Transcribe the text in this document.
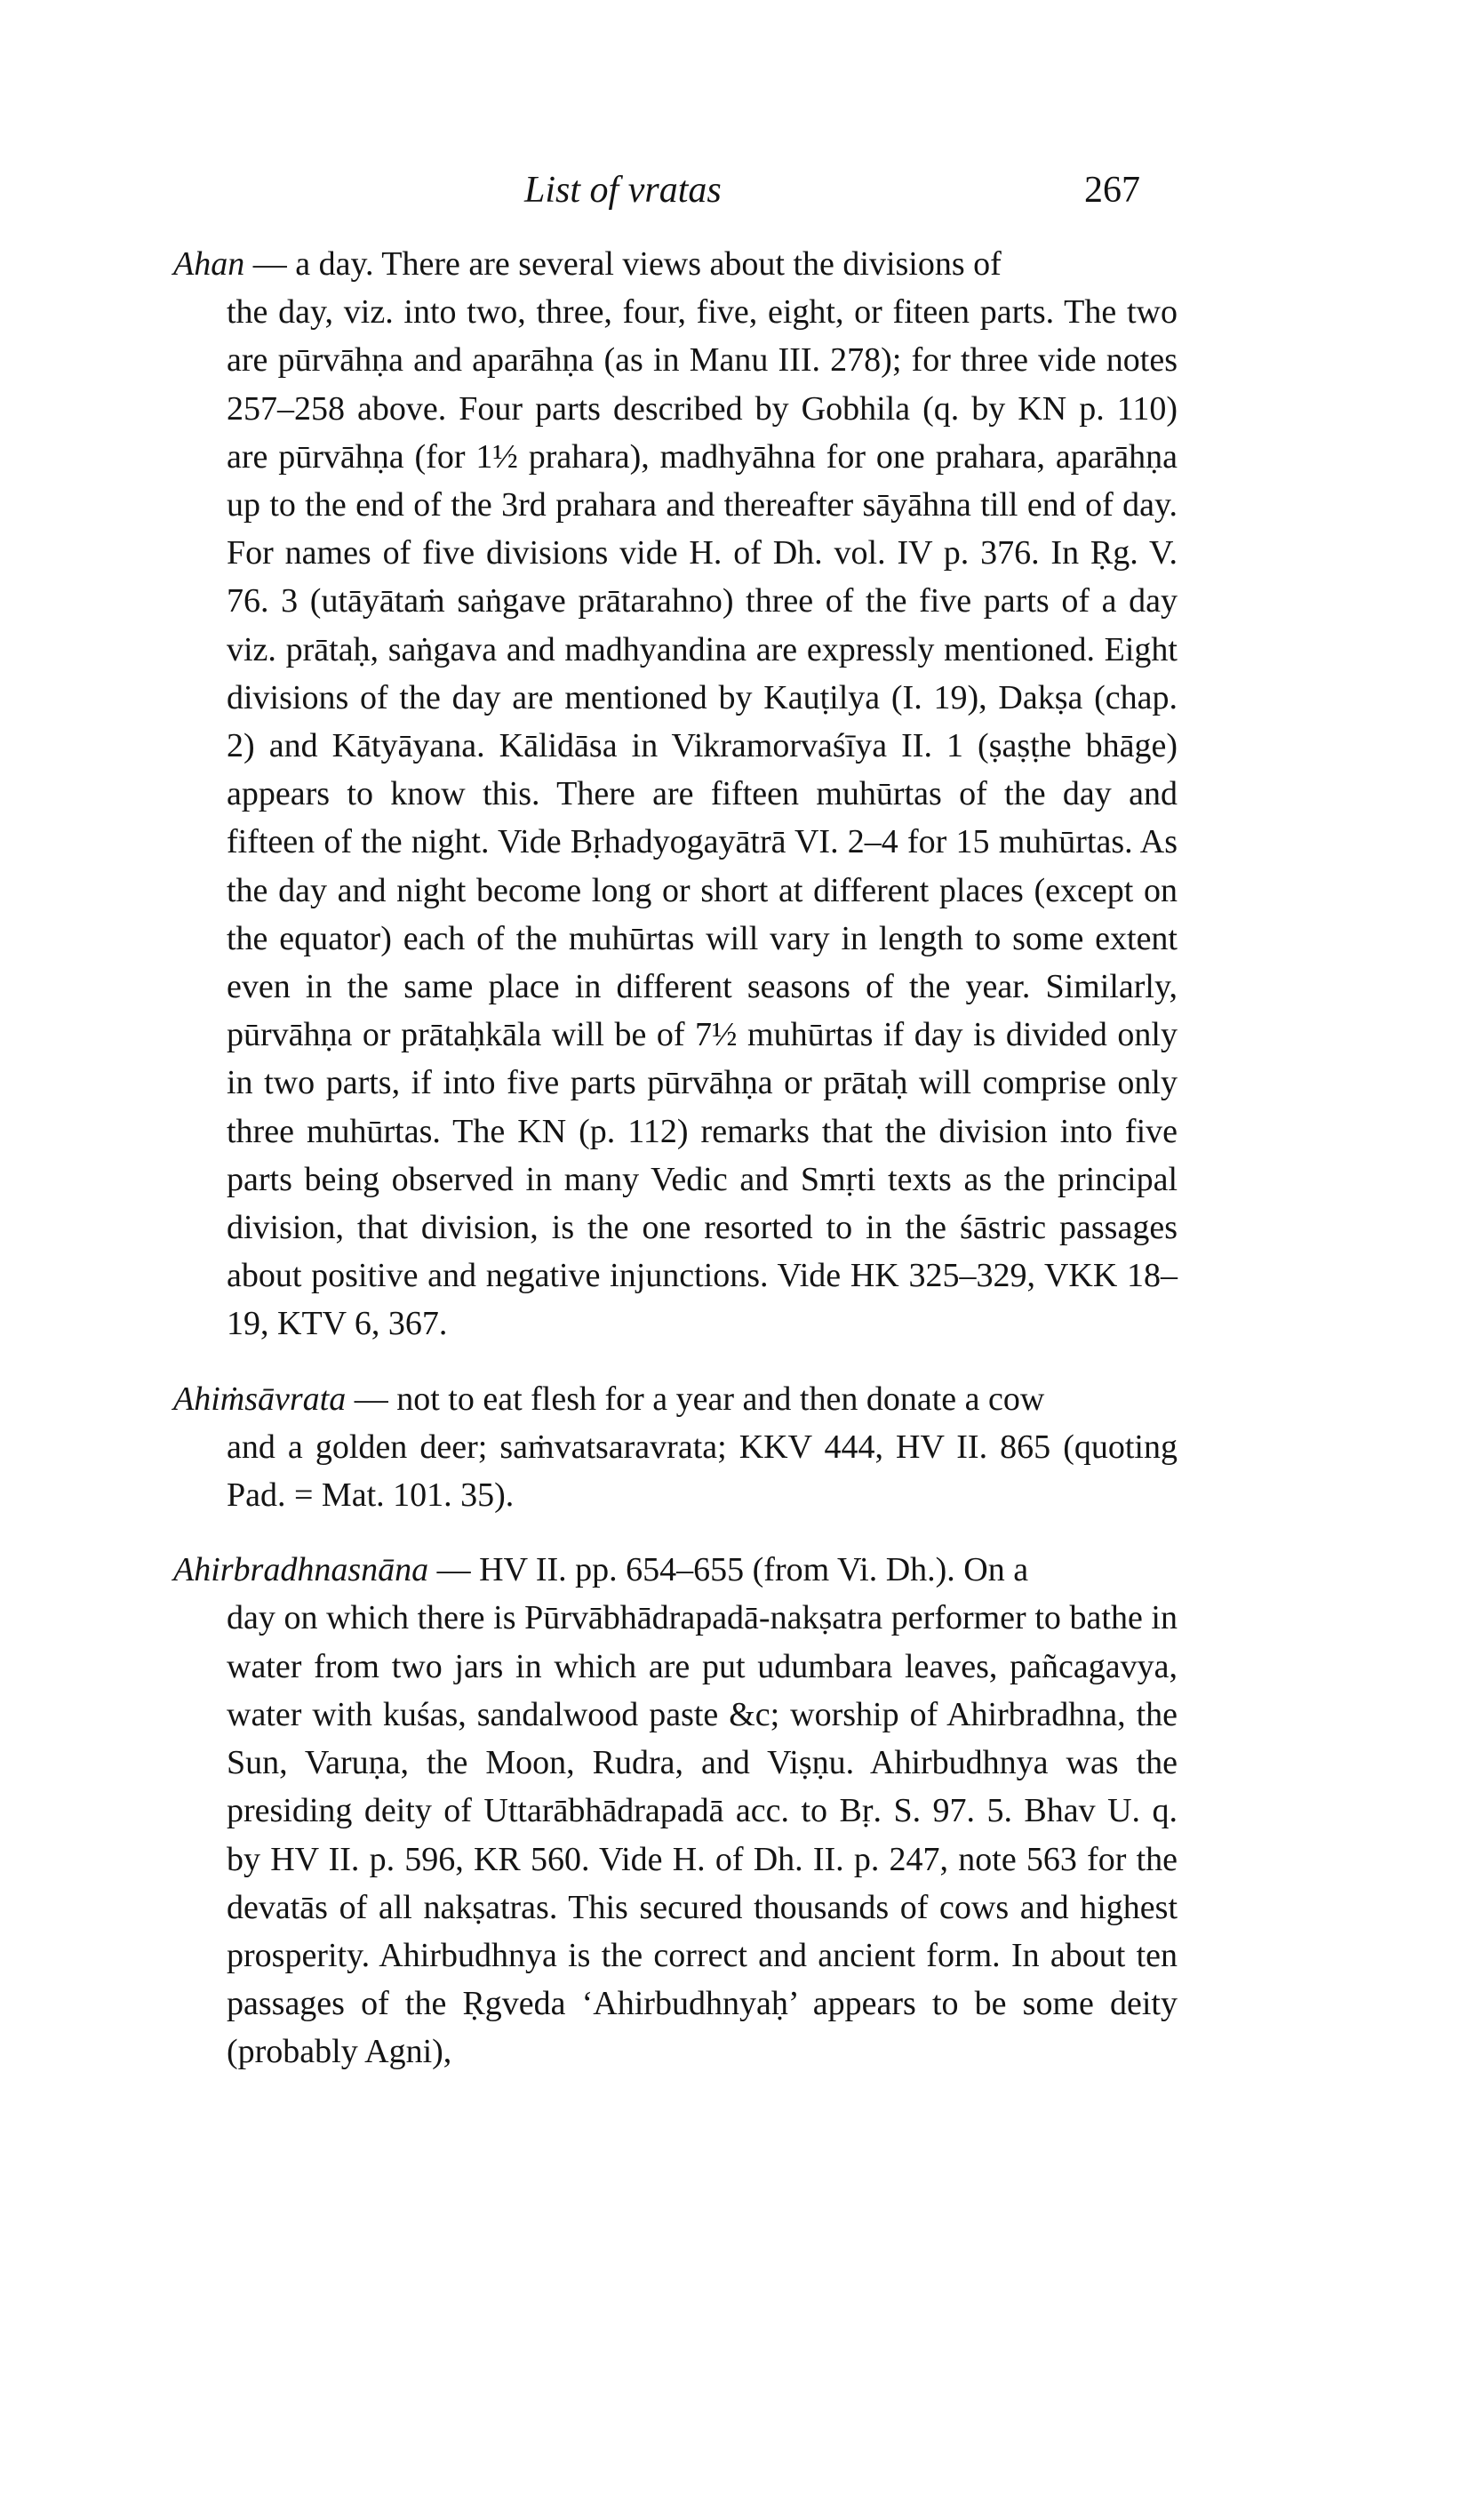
List of vratas	267
Ahan — a day. There are several views about the divisions of
the day, viz. into two, three, four, five, eight, or fiteen parts. The two are pūrvāhṇa and aparāhṇa (as in Manu III. 278); for three vide notes 257–258 above. Four parts described by Gobhila (q. by KN p. 110) are pūrvāhṇa (for 1½ prahara), madhyāhna for one prahara, aparāhṇa up to the end of the 3rd prahara and thereafter sāyāhna till end of day. For names of five divisions vide H. of Dh. vol. IV p. 376. In Ṛg. V. 76. 3 (utāyātaṁ saṅgave prātarahno) three of the five parts of a day viz. prātaḥ, saṅgava and madhyandina are expressly mentioned. Eight divisions of the day are mentioned by Kauṭilya (I. 19), Dakṣa (chap. 2) and Kātyāyana. Kālidāsa in Vikramorvaśīya II. 1 (ṣaṣṭhe bhāge) appears to know this. There are fifteen muhūrtas of the day and fifteen of the night. Vide Bṛhadyogayātrā VI. 2–4 for 15 muhūrtas. As the day and night become long or short at different places (except on the equator) each of the muhūrtas will vary in length to some extent even in the same place in different seasons of the year. Similarly, pūrvāhṇa or prātaḥkāla will be of 7½ muhūrtas if day is divided only in two parts, if into five parts pūrvāhṇa or prātaḥ will comprise only three muhūrtas. The KN (p. 112) remarks that the division into five parts being observed in many Vedic and Smṛti texts as the principal division, that division, is the one resorted to in the śāstric passages about positive and negative injunctions. Vide HK 325–329, VKK 18–19, KTV 6, 367.
Ahiṁsāvrata — not to eat flesh for a year and then donate a cow
and a golden deer; saṁvatsaravrata; KKV 444, HV II. 865 (quoting Pad. = Mat. 101. 35).
Ahirbradhnasnāna — HV II. pp. 654–655 (from Vi. Dh.). On a
day on which there is Pūrvābhādrapadā-nakṣatra performer to bathe in water from two jars in which are put udumbara leaves, pañcagavya, water with kuśas, sandalwood paste &c; worship of Ahirbradhna, the Sun, Varuṇa, the Moon, Rudra, and Viṣṇu. Ahirbudhnya was the presiding deity of Uttarābhādrapadā acc. to Bṛ. S. 97. 5. Bhav U. q. by HV II. p. 596, KR 560. Vide H. of Dh. II. p. 247, note 563 for the devatās of all nakṣatras. This secured thousands of cows and highest prosperity. Ahirbudhnya is the correct and ancient form. In about ten passages of the Ṛgveda ‘Ahirbudhnyaḥ’ appears to be some deity (probably Agni),
